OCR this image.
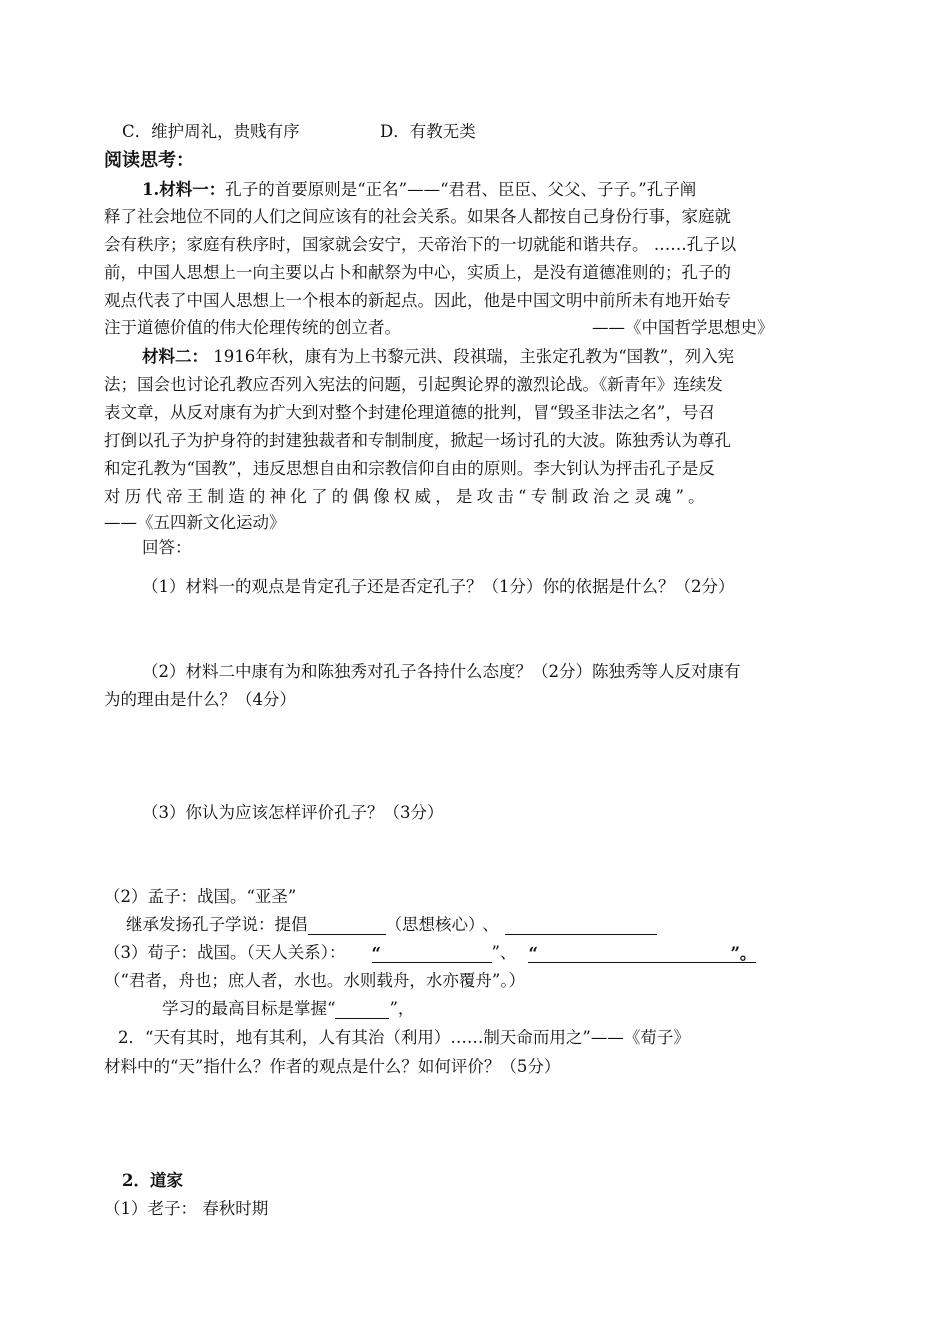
C．维护周礼，贵贱有序	D．有教无类
阅读思考：
1.材料一：孔子的首要原则是“正名”——“君君、臣臣、父父、子子。”孔子阐
释了社会地位不同的人们之间应该有的社会关系。如果各人都按自己身份行事，家庭就
会有秩序；家庭有秩序时，国家就会安宁，天帝治下的一切就能和谐共存。 ……孔子以
前，中国人思想上一向主要以占卜和献祭为中心，实质上，是没有道德准则的；孔子的
观点代表了中国人思想上一个根本的新起点。因此，他是中国文明中前所未有地开始专
注于道德价值的伟大伦理传统的创立者。	——《中国哲学思想史》
材料二： 1916年秋，康有为上书黎元洪、段祺瑞，主张定孔教为“国教”，列入宪
法；国会也讨论孔教应否列入宪法的问题，引起舆论界的激烈论战。《新青年》连续发
表文章，从反对康有为扩大到对整个封建伦理道德的批判，冒“毁圣非法之名”，号召
打倒以孔子为护身符的封建独裁者和专制制度，掀起一场讨孔的大波。陈独秀认为尊孔
和定孔教为“国教”，违反思想自由和宗教信仰自由的原则。李大钊认为抨击孔子是反
对历代帝王制造的神化了的偶像权威，是攻击“专制政治之灵魂”。
——《五四新文化运动》
回答：
（1）材料一的观点是肯定孔子还是否定孔子？（1分）你的依据是什么？（2分）
（2）材料二中康有为和陈独秀对孔子各持什么态度？（2分）陈独秀等人反对康有
为的理由是什么？（4分）
（3）你认为应该怎样评价孔子？（3分）
（2）孟子：战国。“亚圣”
继承发扬孔子学说：提倡	（思想核心） 、
（3）荀子：战国。（天人关系）： “	”、 “	”。
（“君者，舟也；庶人者，水也。水则载舟，水亦覆舟”。）
学习的最高目标是掌握“	”，
2．“天有其时，地有其利，人有其治（利用）……制天命而用之”——《荀子》
材料中的“天”指什么？作者的观点是什么？如何评价？（5分）
2．道家
（1）老子： 春秋时期
